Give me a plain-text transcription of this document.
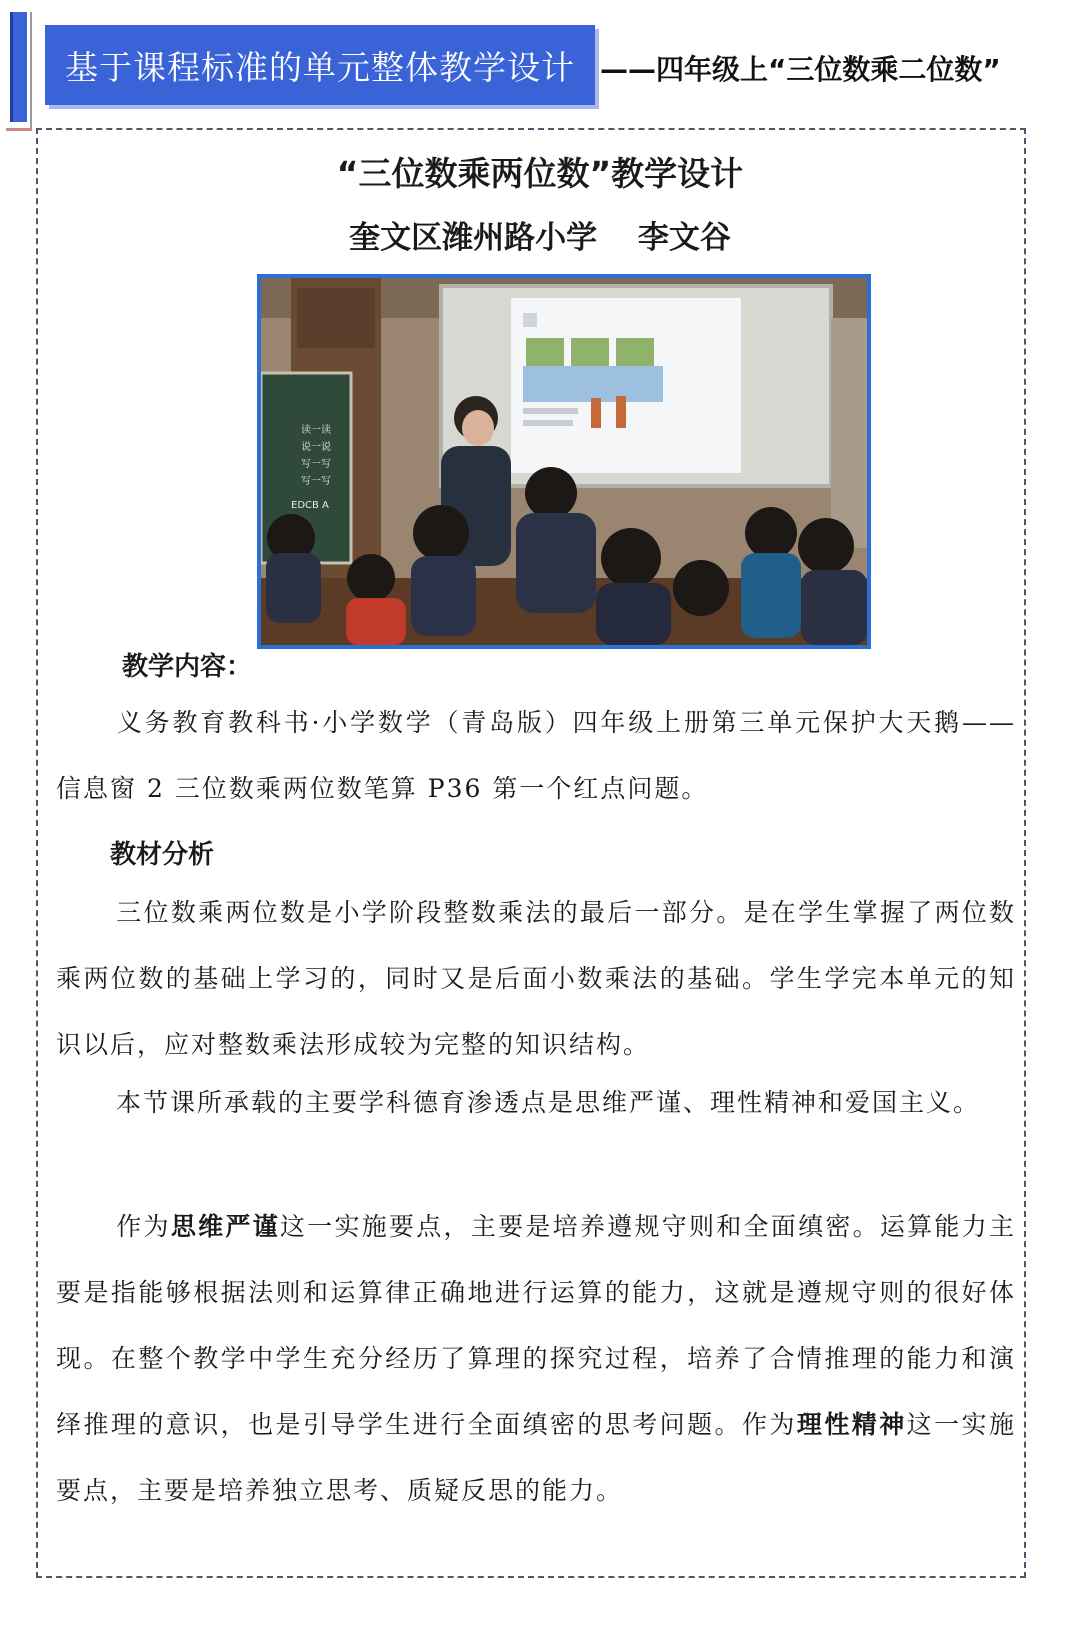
基于课程标准的单元整体教学设计 ——四年级上“三位数乘二位数”
“三位数乘两位数”教学设计
奎文区潍州路小学 李文谷
读一读
说一说
写一写
写一写
EDCB A
教学内容：
义务教育教科书·小学数学（青岛版）四年级上册第三单元保护大天鹅——信息窗 2 三位数乘两位数笔算 P36 第一个红点问题。
教材分析
三位数乘两位数是小学阶段整数乘法的最后一部分。是在学生掌握了两位数乘两位数的基础上学习的，同时又是后面小数乘法的基础。学生学完本单元的知识以后，应对整数乘法形成较为完整的知识结构。
本节课所承载的主要学科德育渗透点是思维严谨、理性精神和爱国主义。
作为思维严谨这一实施要点，主要是培养遵规守则和全面缜密。运算能力主要是指能够根据法则和运算律正确地进行运算的能力，这就是遵规守则的很好体现。在整个教学中学生充分经历了算理的探究过程，培养了合情推理的能力和演绎推理的意识，也是引导学生进行全面缜密的思考问题。作为理性精神这一实施要点，主要是培养独立思考、质疑反思的能力。
